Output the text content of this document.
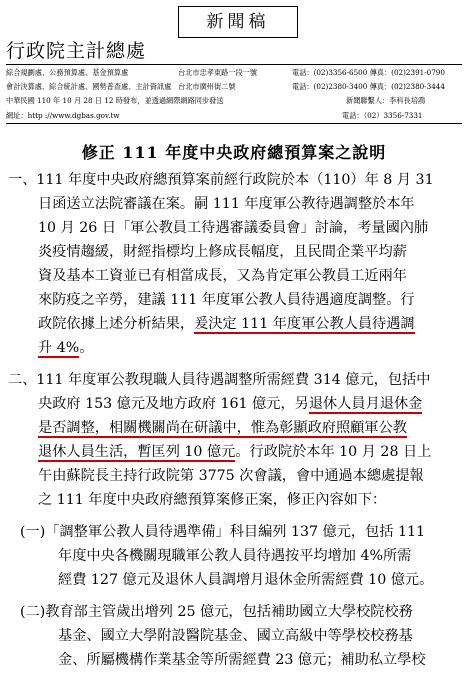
新聞稿
行政院主計總處
綜合規劃處、公務預算處、基金預算處	台北市忠孝東路一段一號	電話：(02)3356-6500 傳真：(02)2391-0790
會計決算處、綜合統計處、國勢普查處、主計資訊處 台北市廣州街二號	電話：(02)2380-3400 傳真：(02)2380-3444
中華民國 110 年 10 月 28 日 12 時發布，並透過網際網路同步發送	新聞聯繫人：李科長培鴻
網址：http ://www.dgbas.gov.tw	電話：（02）3356-7331
修正 111 年度中央政府總預算案之說明
一、111 年度中央政府總預算案前經行政院於本（110）年 8 月 31
日函送立法院審議在案。嗣 111 年度軍公教待遇調整於本年
10 月 26 日「軍公教員工待遇審議委員會」討論，考量國內肺
炎疫情趨緩，財經指標均上修成長幅度，且民間企業平均薪
資及基本工資並已有相當成長，又為肯定軍公教員工近兩年
來防疫之辛勞，建議 111 年度軍公教人員待遇適度調整。行
政院依據上述分析結果，爰決定 111 年度軍公教人員待遇調
升 4%。
二、111 年度軍公教現職人員待遇調整所需經費 314 億元，包括中
央政府 153 億元及地方政府 161 億元，另退休人員月退休金
是否調整，相關機關尚在研議中，惟為彰顯政府照顧軍公教
退休人員生活，暫匡列 10 億元。行政院於本年 10 月 28 日上
午由蘇院長主持行政院第 3775 次會議，會中通過本總處提報
之 111 年度中央政府總預算案修正案，修正內容如下：
(一)「調整軍公教人員待遇準備」科目編列 137 億元，包括 111
年度中央各機關現職軍公教人員待遇按平均增加 4%所需
經費 127 億元及退休人員調增月退休金所需經費 10 億元。
(二)教育部主管歲出增列 25 億元，包括補助國立大學校院校務
基金、國立大學附設醫院基金、國立高級中等學校校務基
金、所屬機構作業基金等所需經費 23 億元；補助私立學校
